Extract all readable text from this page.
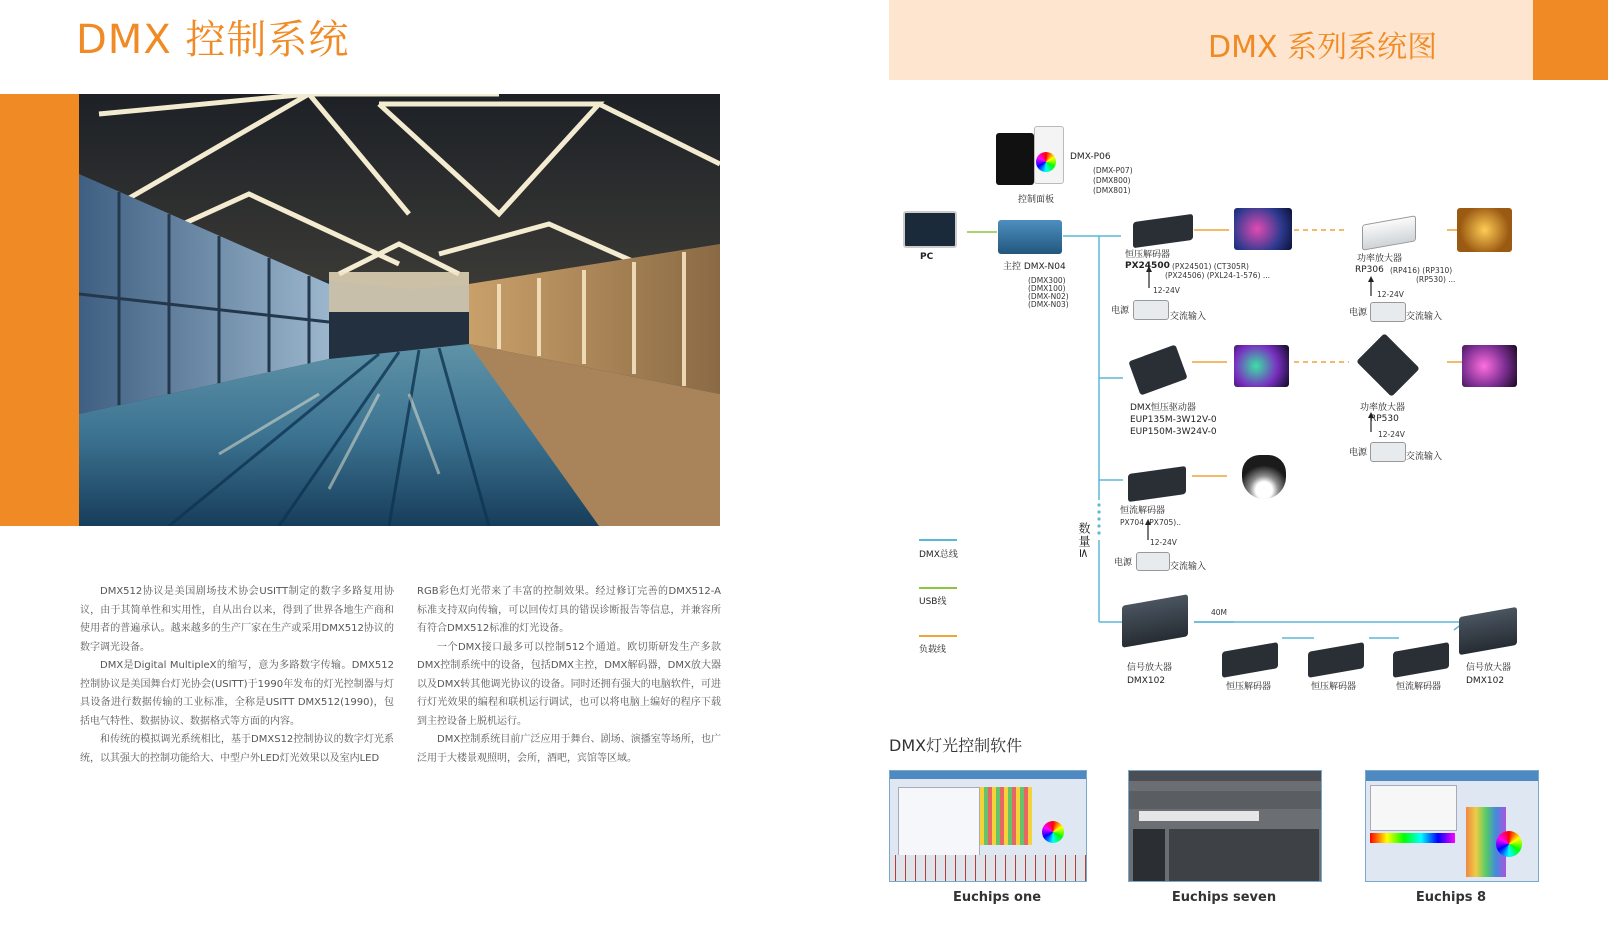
DMX 控制系统

DMX512协议是美国剧场技术协会USITT制定的数字多路复用协议，由于其简单性和实用性，自从出台以来，得到了世界各地生产商和使用者的普遍承认。越来越多的生产厂家在生产或采用DMX512协议的数字调光设备。

DMX是Digital MultipleX的缩写，意为多路数字传输。DMX512控制协议是美国舞台灯光协会(USITT)于1990年发布的灯光控制器与灯具设备进行数据传输的工业标准，全称是USITT DMX512(1990)，包括电气特性、数据协议、数据格式等方面的内容。

和传统的模拟调光系统相比，基于DMXS12控制协议的数字灯光系统，以其强大的控制功能给大、中型户外LED灯光效果以及室内LED

RGB彩色灯光带来了丰富的控制效果。经过修订完善的DMX512-A标准支持双向传输，可以回传灯具的错误诊断报告等信息，并兼容所有符合DMX512标准的灯光设备。

一个DMX接口最多可以控制512个通道。欧切斯研发生产多款DMX控制系统中的设备，包括DMX主控，DMX解码器，DMX放大器以及DMX转其他调光协议的设备。同时还拥有强大的电脑软件，可进行灯光效果的编程和联机运行调试，也可以将电脑上编好的程序下载到主控设备上脱机运行。

DMX控制系统目前广泛应用于舞台、剧场、演播室等场所，也广泛用于大楼景观照明，会所，酒吧，宾馆等区域。

DMX 系列系统图
PC
控制面板
DMX-P06
(DMX-P07)
(DMX800)
(DMX801)
主控 DMX-N04
(DMX300)
(DMX100)
(DMX-N02)
(DMX-N03)
恒压解码器
PX24500 (PX24501) (CT305R)
(PX24506) (PXL24-1-576) ...
功率放大器
RP306 (RP416) (RP310)
(RP530) ...
12-24V
电源
交流输入
12-24V
电源	交流输入
DMX恒压驱动器
EUP135M-3W12V-0
EUP150M-3W24V-0
功率放大器
RP530
12-24V
电源	交流输入
恒流解码器
PX704 (PX705)..
12-24V
电源	交流输入
数量≤
DMX总线
USB线
负载线
40M
信号放大器
DMX102
恒压解码器	恒压解码器	恒流解码器
信号放大器
DMX102
DMX灯光控制软件
Euchips one	Euchips seven	Euchips 8
